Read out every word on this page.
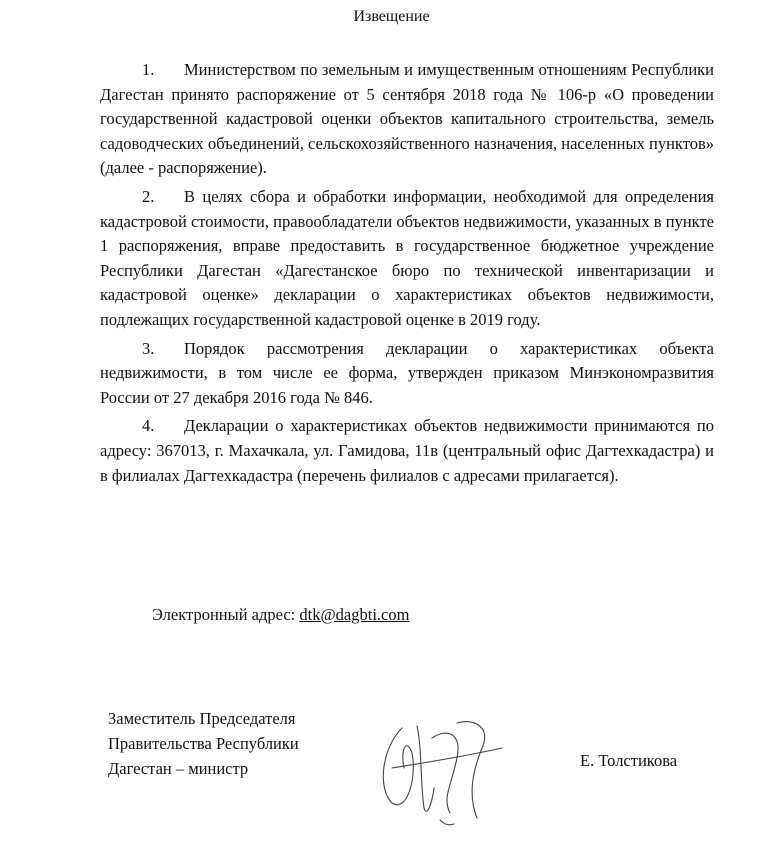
Извещение

1. Министерством по земельным и имущественным отношениям Республики Дагестан принято распоряжение от 5 сентября 2018 года № 106-р «О проведении государственной кадастровой оценки объектов капитального строительства, земель садоводческих объединений, сельскохозяйственного назначения, населенных пунктов» (далее - распоряжение).

2. В целях сбора и обработки информации, необходимой для определения кадастровой стоимости, правообладатели объектов недвижимости, указанных в пункте 1 распоряжения, вправе предоставить в государственное бюджетное учреждение Республики Дагестан «Дагестанское бюро по технической инвентаризации и кадастровой оценке» декларации о характеристиках объектов недвижимости, подлежащих государственной кадастровой оценке в 2019 году.

3. Порядок рассмотрения декларации о характеристиках объекта недвижимости, в том числе ее форма, утвержден приказом Минэкономразвития России от 27 декабря 2016 года № 846.

4. Декларации о характеристиках объектов недвижимости принимаются по адресу: 367013, г. Махачкала, ул. Гамидова, 11в (центральный офис Дагтехкадастра) и в филиалах Дагтехкадастра (перечень филиалов с адресами прилагается).

Электронный адрес: dtk@dagbti.com
Заместитель Председателя
Правительства Республики
Дагестан – министр	Е. Толстикова
